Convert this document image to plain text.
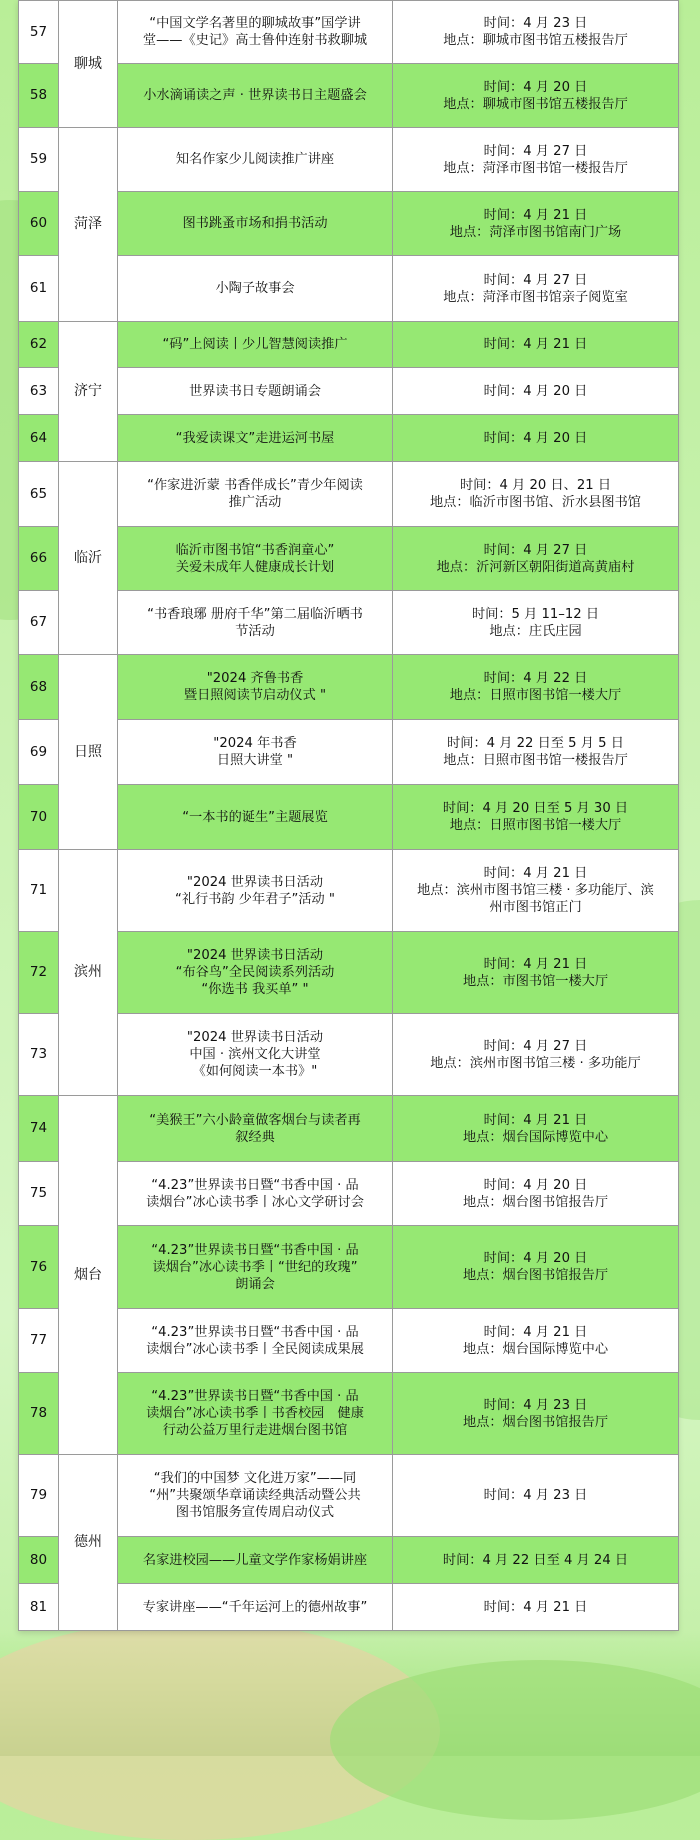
57	聊城	“中国文学名著里的聊城故事”国学讲
堂——《史记》高士鲁仲连射书救聊城	时间：4 月 23 日
地点：聊城市图书馆五楼报告厅
58		小水滴诵读之声 · 世界读书日主题盛会	时间：4 月 20 日
地点：聊城市图书馆五楼报告厅
59	菏泽	知名作家少儿阅读推广讲座	时间：4 月 27 日
地点：菏泽市图书馆一楼报告厅
60		图书跳蚤市场和捐书活动	时间：4 月 21 日
地点：菏泽市图书馆南门广场
61		小陶子故事会	时间：4 月 27 日
地点：菏泽市图书馆亲子阅览室
62	济宁	“码”上阅读丨少儿智慧阅读推广	时间：4 月 21 日
63		世界读书日专题朗诵会	时间：4 月 20 日
64		“我爱读课文”走进运河书屋	时间：4 月 20 日
65	临沂	“作家进沂蒙 书香伴成长”青少年阅读
推广活动	时间：4 月 20 日、21 日
地点：临沂市图书馆、沂水县图书馆
66		临沂市图书馆“书香润童心”
关爱未成年人健康成长计划	时间：4 月 27 日
地点：沂河新区朝阳街道高黄庙村
67		“书香琅琊 册府千华”第二届临沂晒书
节活动	时间：5 月 11–12 日
地点：庄氏庄园
68	日照	"2024 齐鲁书香
暨日照阅读节启动仪式 "	时间：4 月 22 日
地点：日照市图书馆一楼大厅
69		"2024 年书香
日照大讲堂 "	时间：4 月 22 日至 5 月 5 日
地点：日照市图书馆一楼报告厅
70		“一本书的诞生”主题展览	时间：4 月 20 日至 5 月 30 日
地点：日照市图书馆一楼大厅
71	滨州	"2024 世界读书日活动
“礼行书韵 少年君子”活动 "	时间：4 月 21 日
地点：滨州市图书馆三楼 · 多功能厅、滨
州市图书馆正门
72		"2024 世界读书日活动
“布谷鸟”全民阅读系列活动
“你选书 我买单” "	时间：4 月 21 日
地点：市图书馆一楼大厅
73		"2024 世界读书日活动
中国 · 滨州文化大讲堂
《如何阅读一本书》"	时间：4 月 27 日
地点：滨州市图书馆三楼 · 多功能厅
74	烟台	“美猴王”六小龄童做客烟台与读者再
叙经典	时间：4 月 21 日
地点：烟台国际博览中心
75		“4.23”世界读书日暨“书香中国 · 品
读烟台”冰心读书季丨冰心文学研讨会	时间：4 月 20 日
地点：烟台图书馆报告厅
76		“4.23”世界读书日暨“书香中国 · 品
读烟台”冰心读书季丨“世纪的玫瑰”
朗诵会	时间：4 月 20 日
地点：烟台图书馆报告厅
77		“4.23”世界读书日暨“书香中国 · 品
读烟台”冰心读书季丨全民阅读成果展	时间：4 月 21 日
地点：烟台国际博览中心
78		“4.23”世界读书日暨“书香中国 · 品
读烟台”冰心读书季丨书香校园　健康
行动公益万里行走进烟台图书馆	时间：4 月 23 日
地点：烟台图书馆报告厅
79	德州	“我们的中国梦 文化进万家”——同
“州”共聚颂华章诵读经典活动暨公共
图书馆服务宣传周启动仪式	时间：4 月 23 日
80		名家进校园——儿童文学作家杨娟讲座	时间：4 月 22 日至 4 月 24 日
81		专家讲座——“千年运河上的德州故事”	时间：4 月 21 日
